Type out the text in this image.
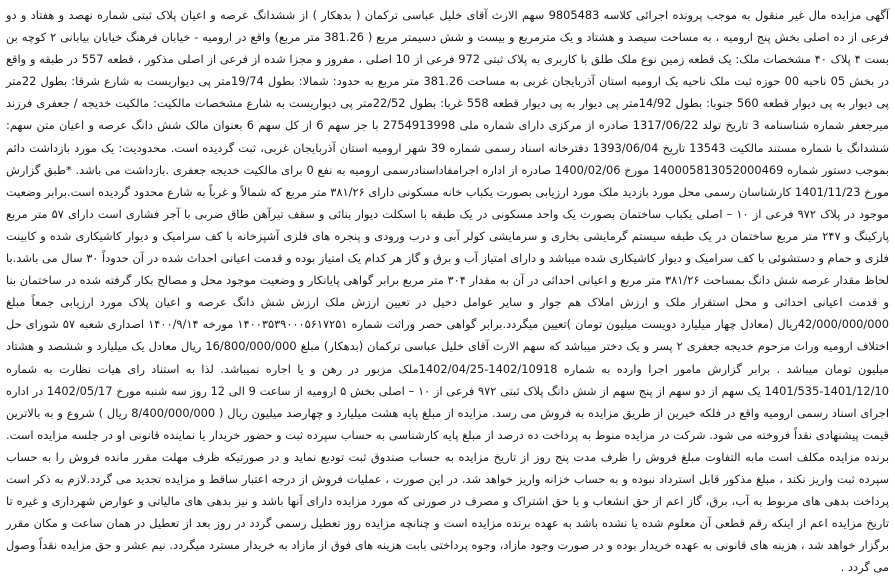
آگهی مزایده مال غیر منقول به موجب پرونده اجرائی کلاسه 9805483 سهم الارث آقای خلیل عباسی ترکمان ( بدهکار ) از ششدانگ عرصه و اعیان پلاک ثبتی شماره نهصد و هفتاد و دو فرعی از ده اصلی بخش پنج ارومیه ، به مساحت سیصد و هشتاد و یک مترمربع و بیست و شش دسیمتر مربع ( 381.26 متر مربع) واقع در ارومیه - خیابان فرهنگ خیابان بیابانی ۲ کوچه بن بست ۴ پلاک ۴۰ مشخصات ملک: یک قطعه زمین نوع ملک طلق با کاربری به پلاک ثبتی 972 فرعی از 10 اصلی ، مفروز و مجزا شده از فرعی از اصلی مذکور ، قطعه 557 در طبقه و واقع در بخش 05 ناحیه 00 حوزه ثبت ملک ناحیه یک ارومیه استان آذربایجان غربی به مساحت 381.26 متر مربع به حدود: شمالا: بطول 19/74متر پی دیواریست به شارع شرقا: بطول 22متر پی دیوار به پی دیوار قطعه 560 جنوبا: بطول 14/92متر پی دیوار به پی دیوار قطعه 558 غربا: بطول 22/52متر پی دیواریست به شارع مشخصات مالکیت: مالکیت خدیجه / جعفری فرزند میرجعفر شماره شناسنامه 3 تاریخ تولد 1317/06/22 صادره از مرکزی دارای شماره ملی 2754913998 با جز سهم 6 از کل سهم 6 بعنوان مالک شش دانگ عرصه و اعیان متن سهم: ششدانگ با شماره مستند مالکیت 13543 تاریخ 1393/06/04 دفترخانه اسناد رسمی شماره 39 شهر ارومیه استان آذربایجان غربی، ثبت گردیده است. محدودیت: یک مورد بازداشت دائم بموجب دستور شماره 140005813052000469 مورخ 1400/02/06 صادره از اداره اجرامفاداسنادرسمی ارومیه به نفع 0 برای مالکیت خدیجه جعفری .بازداشت می باشد. *طبق گزارش مورخ 1401/11/23 کارشناسان رسمی محل مورد بازدید ملک مورد ارزیابی بصورت یکباب خانه مسکونی دارای ۳۸۱/۲۶ متر مربع که شمالاً و غرباً به شارع محدود گردیده است.برابر وضعیت موجود در پلاک ۹۷۲ فرعی از ۱۰ – اصلی یکباب ساختمان بصورت یک واحد مسکونی در یک طبقه با اسکلت دیوار بنائی و سقف تیرآهن طاق ضربی با آجر فشاری است دارای ۵۷ متر مربع پارکینگ و ۲۴۷ متر مربع ساختمان در یک طبقه سیستم گرمایشی بخاری و سرمایشی کولر آبی و درب ورودی و پنجره های فلزی آشپزخانه با کف سرامیک و دیوار کاشیکاری شده و کابینت فلزی و حمام و دستشوئی با کف سرامیک و دیوار کاشیکاری شده میباشد و دارای امتیاز آب و برق و گاز هر کدام یک امتیاز بوده و قدمت اعیانی احداث شده در آن حدوداً ۳۰ سال می باشد.با لحاظ مقدار عرصه شش دانگ بمساحت ۳۸۱/۲۶ متر مربع و اعیانی احداثی در آن به مقدار ۳۰۴ متر مربع برابر گواهی پایانکار و وضعیت موجود محل و مصالح بکار گرفته شده در ساختمان بنا و قدمت اعیانی احداثی و محل استقرار ملک و ارزش املاک هم جوار و سایر عوامل دخیل در تعیین ارزش ملک ارزش شش دانگ عرصه و اعیان پلاک مورد ارزیابی جمعاً مبلغ 42/000/000/000ریال (معادل چهار میلیارد دویست میلیون تومان )تعیین میگردد.برابر گواهی حصر وراثت شماره ۱۴۰۰۳۵۳۹۰۰۰۵۶۱۷۲۵۱ مورخه ۱۴۰۰/۹/۱۴ اصداری شعبه ۵۷ شورای حل اختلاف ارومیه وراث مرحوم خدیجه جعفری ۲ پسر و یک دختر میباشد که سهم الارث آقای خلیل عباسی ترکمان (بدهکار) مبلغ 16/800/000/000 ریال معادل یک میلیارد و ششصد و هشتاد میلیون تومان میباشد . برابر گزارش مامور اجرا وارده به شماره 1402/10918-1402/04/25ملک مزبور در رهن و یا اجاره نمیباشد. لذا به استناد رای هیات نظارت به شماره 1401/12/10-1401/535 یک سهم از دو سهم از پنج سهم از شش دانگ پلاک ثبتی ۹۷۲ فرعی از ۱۰ – اصلی بخش ۵ ارومیه از ساعت 9 الی 12 روز سه شنبه مورخ 1402/05/17 در اداره اجرای اسناد رسمی ارومیه واقع در فلکه خیرین از طریق مزایده به فروش می رسد. مزایده از مبلغ پایه هشت میلیارد و چهارصد میلیون ریال ( 8/400/000/000 ریال ) شروع و به بالاترین قیمت پیشنهادی نقداً فروخته می شود. شرکت در مزایده منوط به پرداخت ده درصد از مبلغ پایه کارشناسی به حساب سپرده ثبت و حضور خریدار یا نماینده قانونی او در جلسه مزایده است. برنده مزایده مکلف است مابه التفاوت مبلغ فروش را ظرف مدت پنج روز از تاریخ مزایده به حساب صندوق ثبت تودیع نماید و در صورتیکه ظرف مهلت مقرر مانده فروش را به حساب سپرده ثبت واریز نکند ، مبلغ مذکور قابل استرداد نبوده و به حساب خزانه واریز خواهد شد. در این صورت ، عملیات فروش از درجه اعتبار ساقط و مزایده تجدید می گردد.لازم به ذکر است پرداخت بدهی های مربوط به آب، برق، گاز اعم از حق انشعاب و یا حق اشتراک و مصرف در صورتی که مورد مزایده دارای آنها باشد و نیز بدهی های مالیاتی و عوارض شهرداری و غیره تا تاریخ مزایده اعم از اینکه رقم قطعی آن معلوم شده یا نشده باشد به عهده برنده مزایده است و چنانچه مزایده روز تعطیل رسمی گردد در روز بعد از تعطیل در همان ساعت و مکان مقرر برگزار خواهد شد ، هزینه های قانونی به عهده خریدار بوده و در صورت وجود مازاد، وجوه پرداختی بابت هزینه های فوق از مازاد به خریدار مسترد میگردد. نیم عشر و حق مزایده نقداً وصول می گردد .
